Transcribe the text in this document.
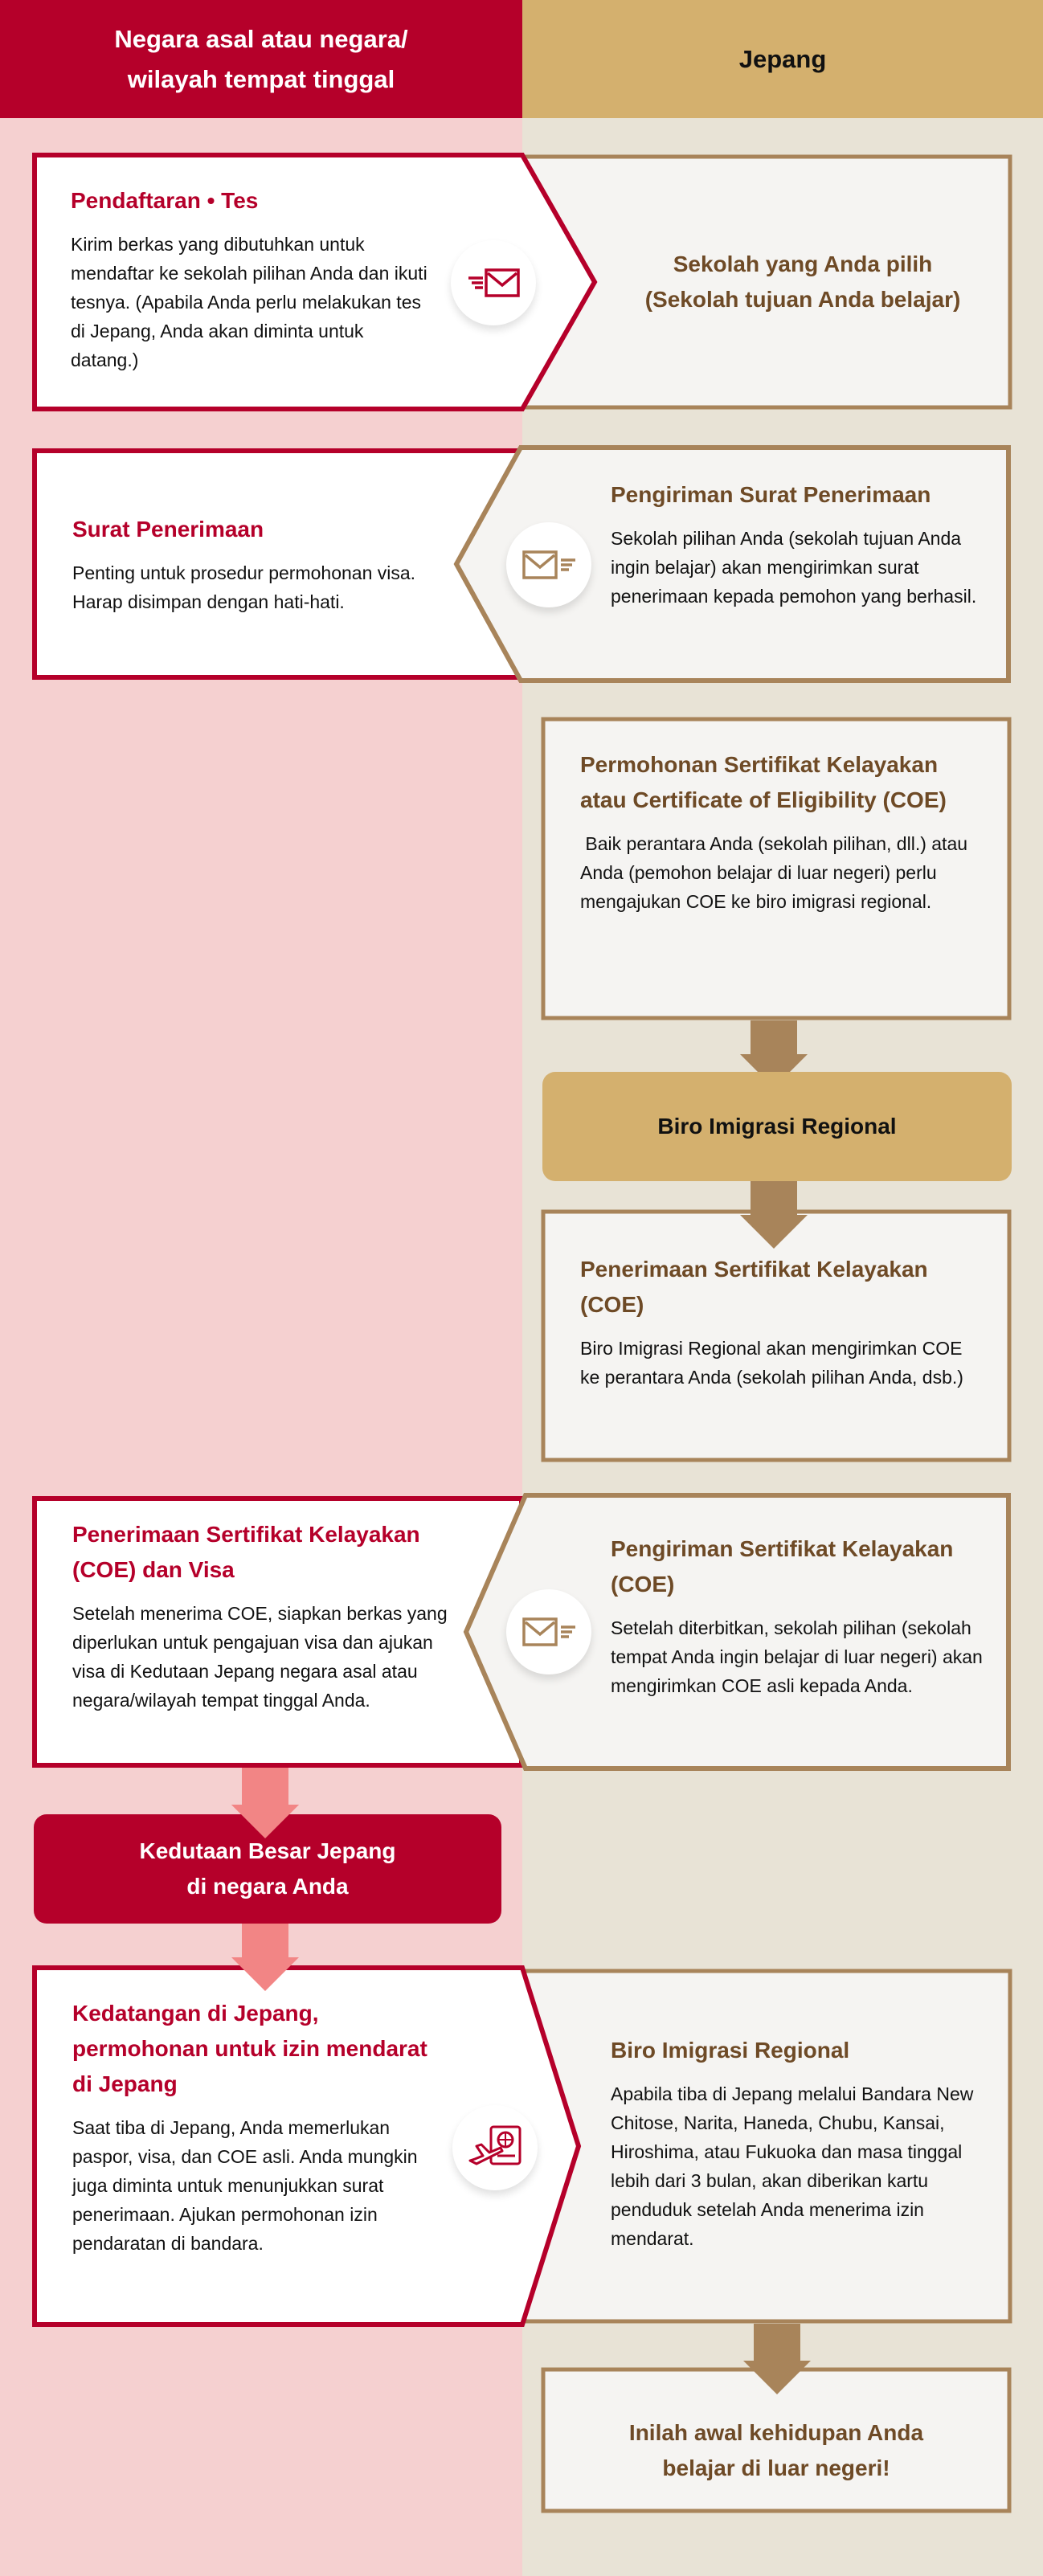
Negara asal atau negara/
wilayah tempat tinggal
Jepang
Sekolah yang Anda pilih
(Sekolah tujuan Anda belajar)
Pendaftaran • Tes
Kirim berkas yang dibutuhkan untuk mendaftar ke sekolah pilihan Anda dan ikuti tesnya. (Apabila Anda perlu melakukan tes di Jepang, Anda akan diminta untuk datang.)
Surat Penerimaan
Penting untuk prosedur permohonan visa. Harap disimpan dengan hati-hati.
Pengiriman Surat Penerimaan
Sekolah pilihan Anda (sekolah tujuan Anda ingin belajar) akan mengirimkan surat penerimaan kepada pemohon yang berhasil.
Permohonan Sertifikat Kelayakan atau Certificate of Eligibility (COE)
Baik perantara Anda (sekolah pilihan, dll.) atau Anda (pemohon belajar di luar negeri) perlu mengajukan COE ke biro imigrasi regional.
Biro Imigrasi Regional
Penerimaan Sertifikat Kelayakan (COE)
Biro Imigrasi Regional akan mengirimkan COE ke perantara Anda (sekolah pilihan Anda, dsb.)
Penerimaan Sertifikat Kelayakan (COE) dan Visa
Setelah menerima COE, siapkan berkas yang diperlukan untuk pengajuan visa dan ajukan visa di Kedutaan Jepang negara asal atau negara/wilayah tempat tinggal Anda.
Pengiriman Sertifikat Kelayakan (COE)
Setelah diterbitkan, sekolah pilihan (sekolah tempat Anda ingin belajar di luar negeri) akan mengirimkan COE asli kepada Anda.
Kedutaan Besar Jepang
di negara Anda
Biro Imigrasi Regional
Apabila tiba di Jepang melalui Bandara New Chitose, Narita, Haneda, Chubu, Kansai, Hiroshima, atau Fukuoka dan masa tinggal lebih dari 3 bulan, akan diberikan kartu penduduk setelah Anda menerima izin mendarat.
Kedatangan di Jepang, permohonan untuk izin mendarat di Jepang
Saat tiba di Jepang, Anda memerlukan paspor, visa, dan COE asli. Anda mungkin juga diminta untuk menunjukkan surat penerimaan. Ajukan permohonan izin pendaratan di bandara.
Inilah awal kehidupan Anda
belajar di luar negeri!
